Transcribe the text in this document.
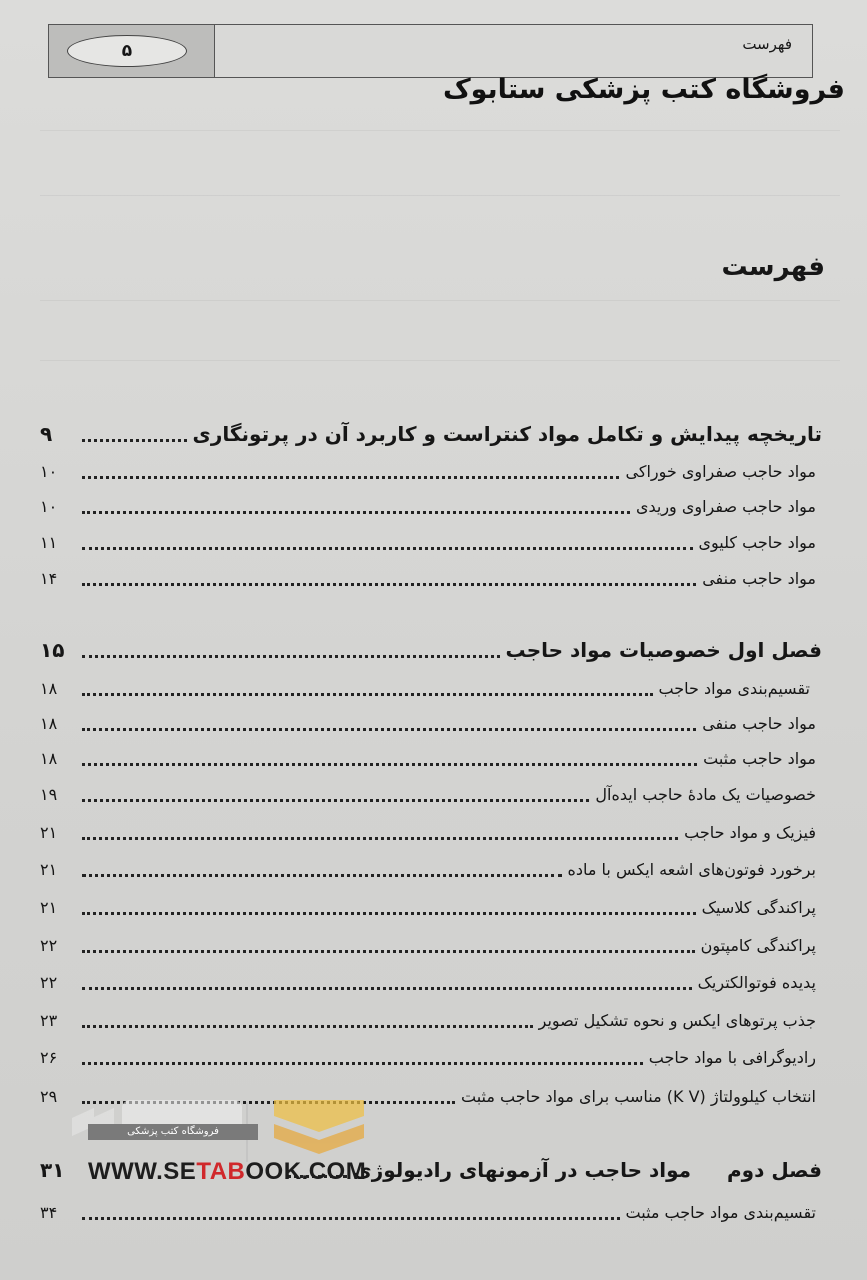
۵	فهرست
فروشگاه کتب پزشکی ستابوک
فهرست
تاریخچه پیدایش و تکامل مواد کنتراست و کاربرد آن در پرتونگاری
۹
مواد حاجب صفراوی خوراکی
۱۰
مواد حاجب صفراوی وریدی
۱۰
مواد حاجب کلیوی
۱۱
مواد حاجب منفی
۱۴
فصل اول خصوصیات مواد حاجب
۱۵
تقسیم‌بندی مواد حاجب
۱۸
مواد حاجب منفی
۱۸
مواد حاجب مثبت
۱۸
خصوصیات یک مادهٔ حاجب ایده‌آل
۱۹
فیزیک و مواد حاجب
۲۱
برخورد فوتون‌های اشعه ایکس با ماده
۲۱
پراکندگی کلاسیک
۲۱
پراکندگی کامپتون
۲۲
پدیده فوتوالکتریک
۲۲
جذب پرتوهای ایکس و نحوه تشکیل تصویر
۲۳
رادیوگرافی با مواد حاجب
۲۶
انتخاب کیلوولتاژ (K V) مناسب برای مواد حاجب مثبت
۲۹
فصل دوم
مواد حاجب در آزمونهای رادیولوژی
۳۱
تقسیم‌بندی مواد حاجب مثبت
۳۴
فروشگاه کتب پزشکی
WWW.SETABOOK.COM
